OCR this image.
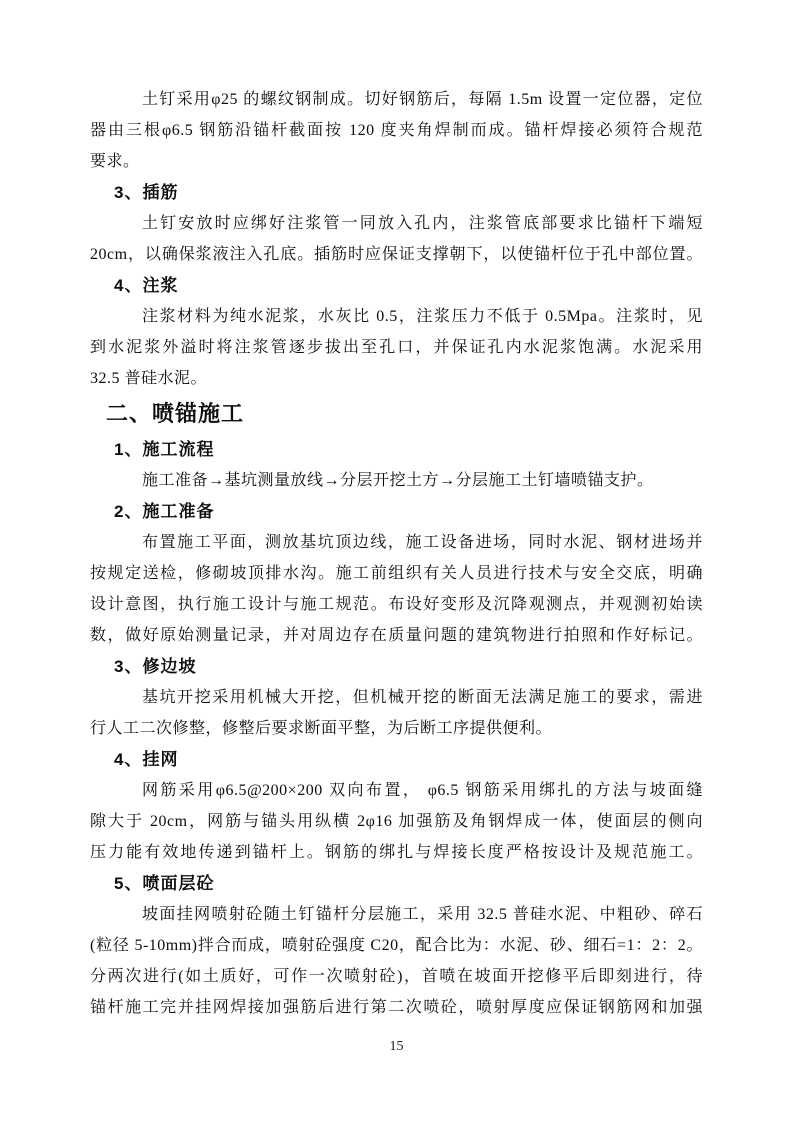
土钉采用φ25 的螺纹钢制成。切好钢筋后，每隔 1.5m 设置一定位器，定位
器由三根φ6.5 钢筋沿锚杆截面按 120 度夹角焊制而成。锚杆焊接必须符合规范
要求。
3、插筋
土钉安放时应绑好注浆管一同放入孔内，注浆管底部要求比锚杆下端短
20cm，以确保浆液注入孔底。插筋时应保证支撑朝下，以使锚杆位于孔中部位置。
4、注浆
注浆材料为纯水泥浆，水灰比 0.5，注浆压力不低于 0.5Mpa。注浆时，见
到水泥浆外溢时将注浆管逐步拔出至孔口，并保证孔内水泥浆饱满。水泥采用
32.5 普硅水泥。
二、喷锚施工
1、施工流程
施工准备→基坑测量放线→分层开挖土方→分层施工土钉墙喷锚支护。
2、施工准备
布置施工平面，测放基坑顶边线，施工设备进场，同时水泥、钢材进场并
按规定送检，修砌坡顶排水沟。施工前组织有关人员进行技术与安全交底，明确
设计意图，执行施工设计与施工规范。布设好变形及沉降观测点，并观测初始读
数，做好原始测量记录，并对周边存在质量问题的建筑物进行拍照和作好标记。
3、修边坡
基坑开挖采用机械大开挖，但机械开挖的断面无法满足施工的要求，需进
行人工二次修整，修整后要求断面平整，为后断工序提供便利。
4、挂网
网筋采用φ6.5@200×200 双向布置， φ6.5 钢筋采用绑扎的方法与坡面缝
隙大于 20cm，网筋与锚头用纵横 2φ16 加强筋及角钢焊成一体，使面层的侧向
压力能有效地传递到锚杆上。钢筋的绑扎与焊接长度严格按设计及规范施工。
5、喷面层砼
坡面挂网喷射砼随土钉锚杆分层施工，采用 32.5 普硅水泥、中粗砂、碎石
(粒径 5-10mm)拌合而成，喷射砼强度 C20，配合比为：水泥、砂、细石=1：2：2。
分两次进行(如土质好，可作一次喷射砼)，首喷在坡面开挖修平后即刻进行，待
锚杆施工完并挂网焊接加强筋后进行第二次喷砼，喷射厚度应保证钢筋网和加强
15
